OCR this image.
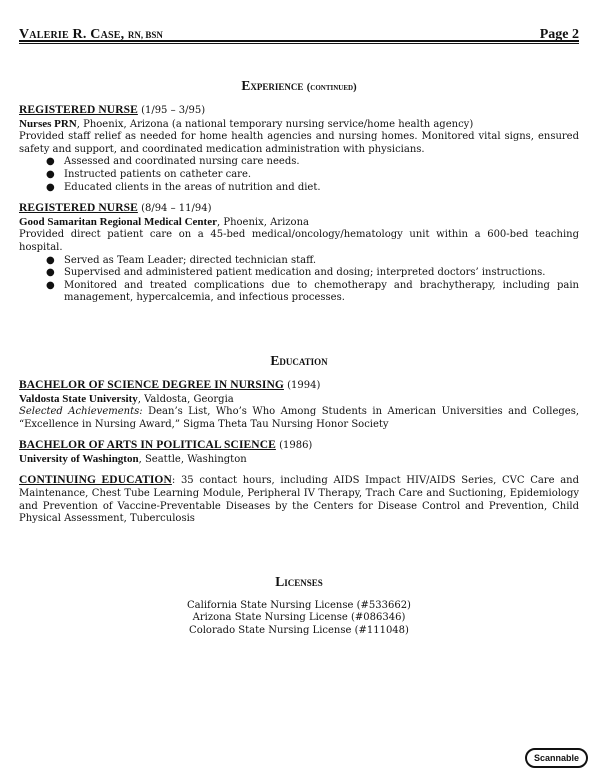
Valerie R. Case, RN, BSN	Page 2
Experience (continued)
REGISTERED NURSE (1/95 – 3/95)
Nurses PRN, Phoenix, Arizona (a national temporary nursing service/home health agency)
Provided staff relief as needed for home health agencies and nursing homes. Monitored vital signs, ensured safety and support, and coordinated medication administration with physicians.
● Assessed and coordinated nursing care needs.
● Instructed patients on catheter care.
● Educated clients in the areas of nutrition and diet.
REGISTERED NURSE (8/94 – 11/94)
Good Samaritan Regional Medical Center, Phoenix, Arizona
Provided direct patient care on a 45-bed medical/oncology/hematology unit within a 600-bed teaching hospital.
● Served as Team Leader; directed technician staff.
● Supervised and administered patient medication and dosing; interpreted doctors’ instructions.
● Monitored and treated complications due to chemotherapy and brachytherapy, including pain management, hypercalcemia, and infectious processes.
Education
BACHELOR OF SCIENCE DEGREE IN NURSING (1994)
Valdosta State University, Valdosta, Georgia
Selected Achievements: Dean’s List, Who’s Who Among Students in American Universities and Colleges, “Excellence in Nursing Award,” Sigma Theta Tau Nursing Honor Society
BACHELOR OF ARTS IN POLITICAL SCIENCE (1986)
University of Washington, Seattle, Washington
CONTINUING EDUCATION: 35 contact hours, including AIDS Impact HIV/AIDS Series, CVC Care and Maintenance, Chest Tube Learning Module, Peripheral IV Therapy, Trach Care and Suctioning, Epidemiology and Prevention of Vaccine-Preventable Diseases by the Centers for Disease Control and Prevention, Child Physical Assessment, Tuberculosis
Licenses
California State Nursing License (#533662)
Arizona State Nursing License (#086346)
Colorado State Nursing License (#111048)
Scannable
